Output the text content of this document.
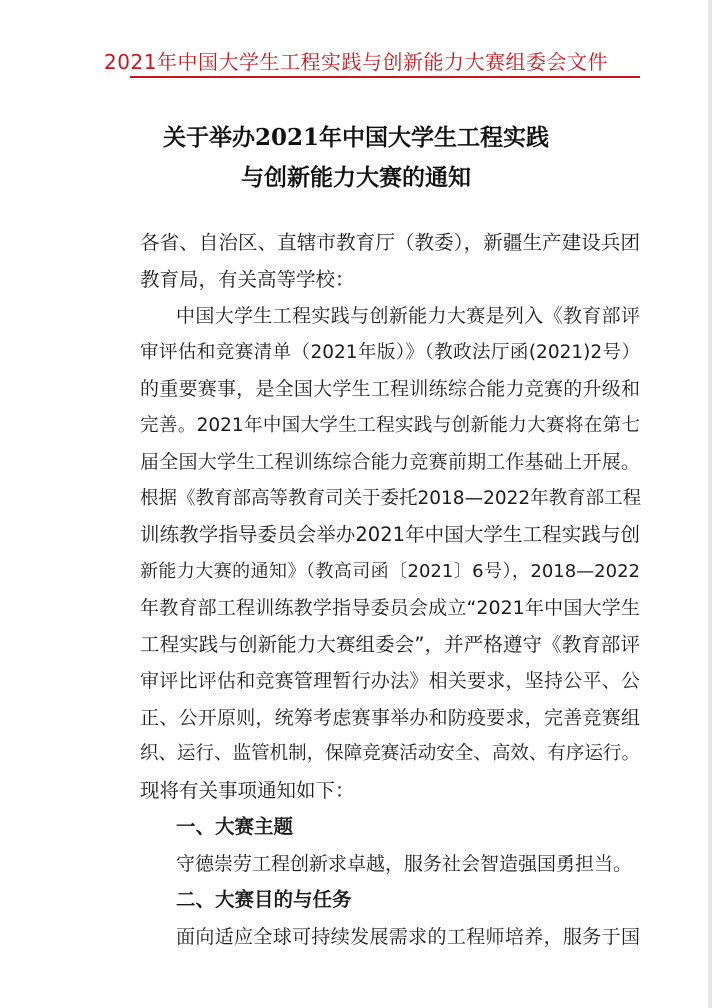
2021年中国大学生工程实践与创新能力大赛组委会文件
关于举办2021年中国大学生工程实践
与创新能力大赛的通知
各省、自治区、直辖市教育厅（教委），新疆生产建设兵团
教育局，有关高等学校：
中国大学生工程实践与创新能力大赛是列入《教育部评
审评估和竞赛清单（2021年版）》（教政法厅函(2021)2号）
的重要赛事，是全国大学生工程训练综合能力竞赛的升级和
完善。2021年中国大学生工程实践与创新能力大赛将在第七
届全国大学生工程训练综合能力竞赛前期工作基础上开展。
根据《教育部高等教育司关于委托2018—2022年教育部工程
训练教学指导委员会举办2021年中国大学生工程实践与创
新能力大赛的通知》（教高司函〔2021〕6号），2018—2022
年教育部工程训练教学指导委员会成立“2021年中国大学生
工程实践与创新能力大赛组委会”，并严格遵守《教育部评
审评比评估和竞赛管理暂行办法》相关要求，坚持公平、公
正、公开原则，统筹考虑赛事举办和防疫要求，完善竞赛组
织、运行、监管机制，保障竞赛活动安全、高效、有序运行。
现将有关事项通知如下：
一、大赛主题
守德崇劳工程创新求卓越，服务社会智造强国勇担当。
二、大赛目的与任务
面向适应全球可持续发展需求的工程师培养，服务于国
